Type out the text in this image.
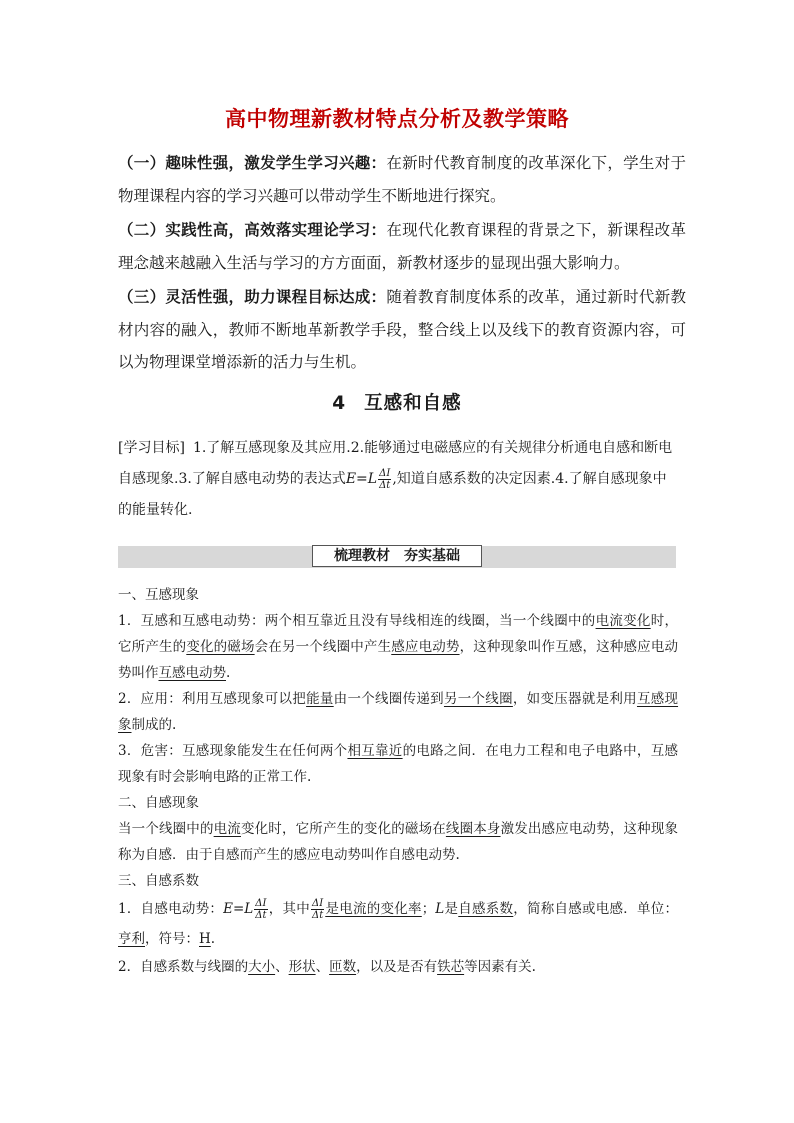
高中物理新教材特点分析及教学策略

（一）趣味性强，激发学生学习兴趣：在新时代教育制度的改革深化下，学生对于物理课程内容的学习兴趣可以带动学生不断地进行探究。

（二）实践性高，高效落实理论学习：在现代化教育课程的背景之下，新课程改革理念越来越融入生活与学习的方方面面，新教材逐步的显现出强大影响力。

（三）灵活性强，助力课程目标达成：随着教育制度体系的改革，通过新时代新教材内容的融入，教师不断地革新教学手段，整合线上以及线下的教育资源内容，可以为物理课堂增添新的活力与生机。

4 互感和自感
[学习目标] 1.了解互感现象及其应用.2.能够通过电磁感应的有关规律分析通电自感和断电自感现象.3.了解自感电动势的表达式$E=L \frac{\Delta I}{\Delta t}$ ,知道自感系数的决定因素.4.了解自感现象中的能量转化.
梳理教材 夯实基础

一、互感现象

1．互感和互感电动势：两个相互靠近且没有导线相连的线圈，当一个线圈中的电流变化时，它所产生的变化的磁场会在另一个线圈中产生感应电动势，这种现象叫作互感，这种感应电动势叫作互感电动势.

2．应用：利用互感现象可以把能量由一个线圈传递到另一个线圈，如变压器就是利用互感现象制成的.

3．危害：互感现象能发生在任何两个相互靠近的电路之间．在电力工程和电子电路中，互感现象有时会影响电路的正常工作.

二、自感现象

当一个线圈中的电流变化时，它所产生的变化的磁场在线圈本身激发出感应电动势，这种现象称为自感．由于自感而产生的感应电动势叫作自感电动势.

三、自感系数

1．自感电动势：$E=L \frac{\Delta I}{\Delta t}$ ，其中 $\frac{\Delta I}{\Delta t}$ 是电流的变化率；L是自感系数，简称自感或电感．单位：亨利，符号：H.

2．自感系数与线圈的大小、形状、匝数，以及是否有铁芯等因素有关.
